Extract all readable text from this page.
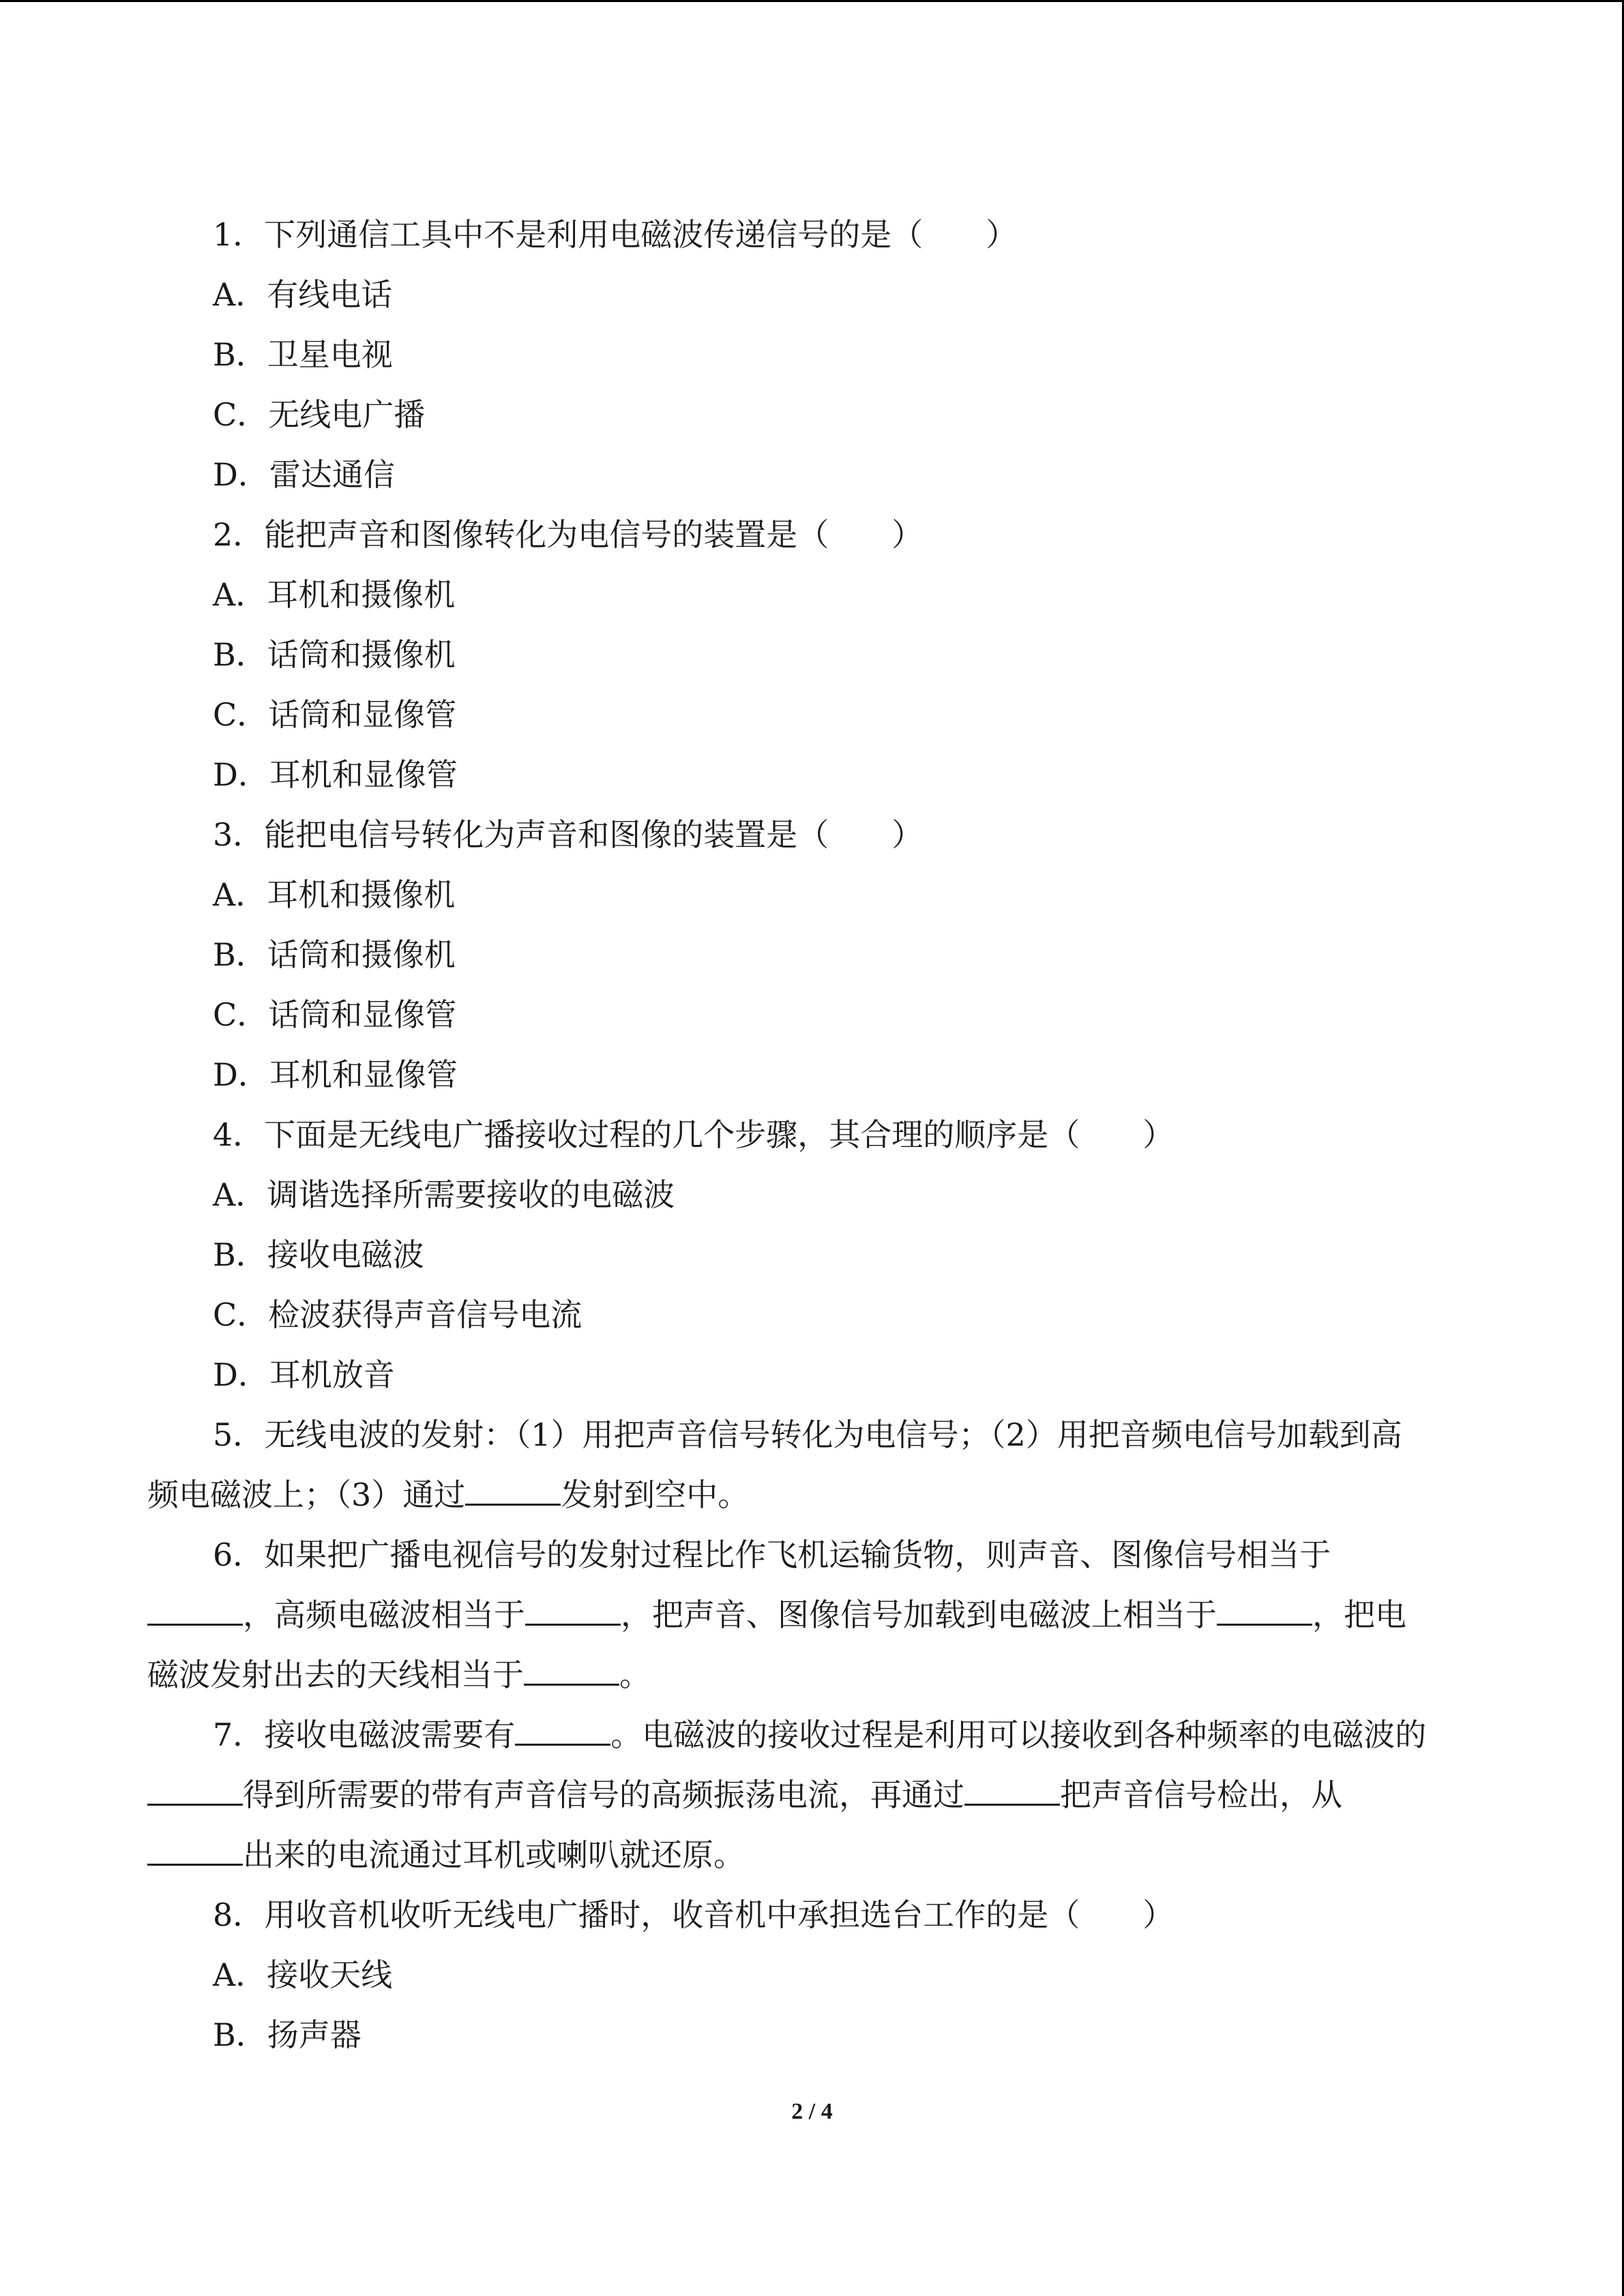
1．下列通信工具中不是利用电磁波传递信号的是（　　）
A．有线电话
B．卫星电视
C．无线电广播
D．雷达通信
2．能把声音和图像转化为电信号的装置是（　　）
A．耳机和摄像机
B．话筒和摄像机
C．话筒和显像管
D．耳机和显像管
3．能把电信号转化为声音和图像的装置是（　　）
A．耳机和摄像机
B．话筒和摄像机
C．话筒和显像管
D．耳机和显像管
4．下面是无线电广播接收过程的几个步骤，其合理的顺序是（　　）
A．调谐选择所需要接收的电磁波
B．接收电磁波
C．检波获得声音信号电流
D．耳机放音
5．无线电波的发射：（1）用把声音信号转化为电信号；（2）用把音频电信号加载到高
频电磁波上；（3）通过	发射到空中。
6．如果把广播电视信号的发射过程比作飞机运输货物，则声音、图像信号相当于
，高频电磁波相当于	，把声音、图像信号加载到电磁波上相当于	，把电
磁波发射出去的天线相当于	。
7．接收电磁波需要有	。电磁波的接收过程是利用可以接收到各种频率的电磁波的
得到所需要的带有声音信号的高频振荡电流，再通过	把声音信号检出，从
出来的电流通过耳机或喇叭就还原。
8．用收音机收听无线电广播时，收音机中承担选台工作的是（　　）
A．接收天线
B．扬声器
2 / 4
